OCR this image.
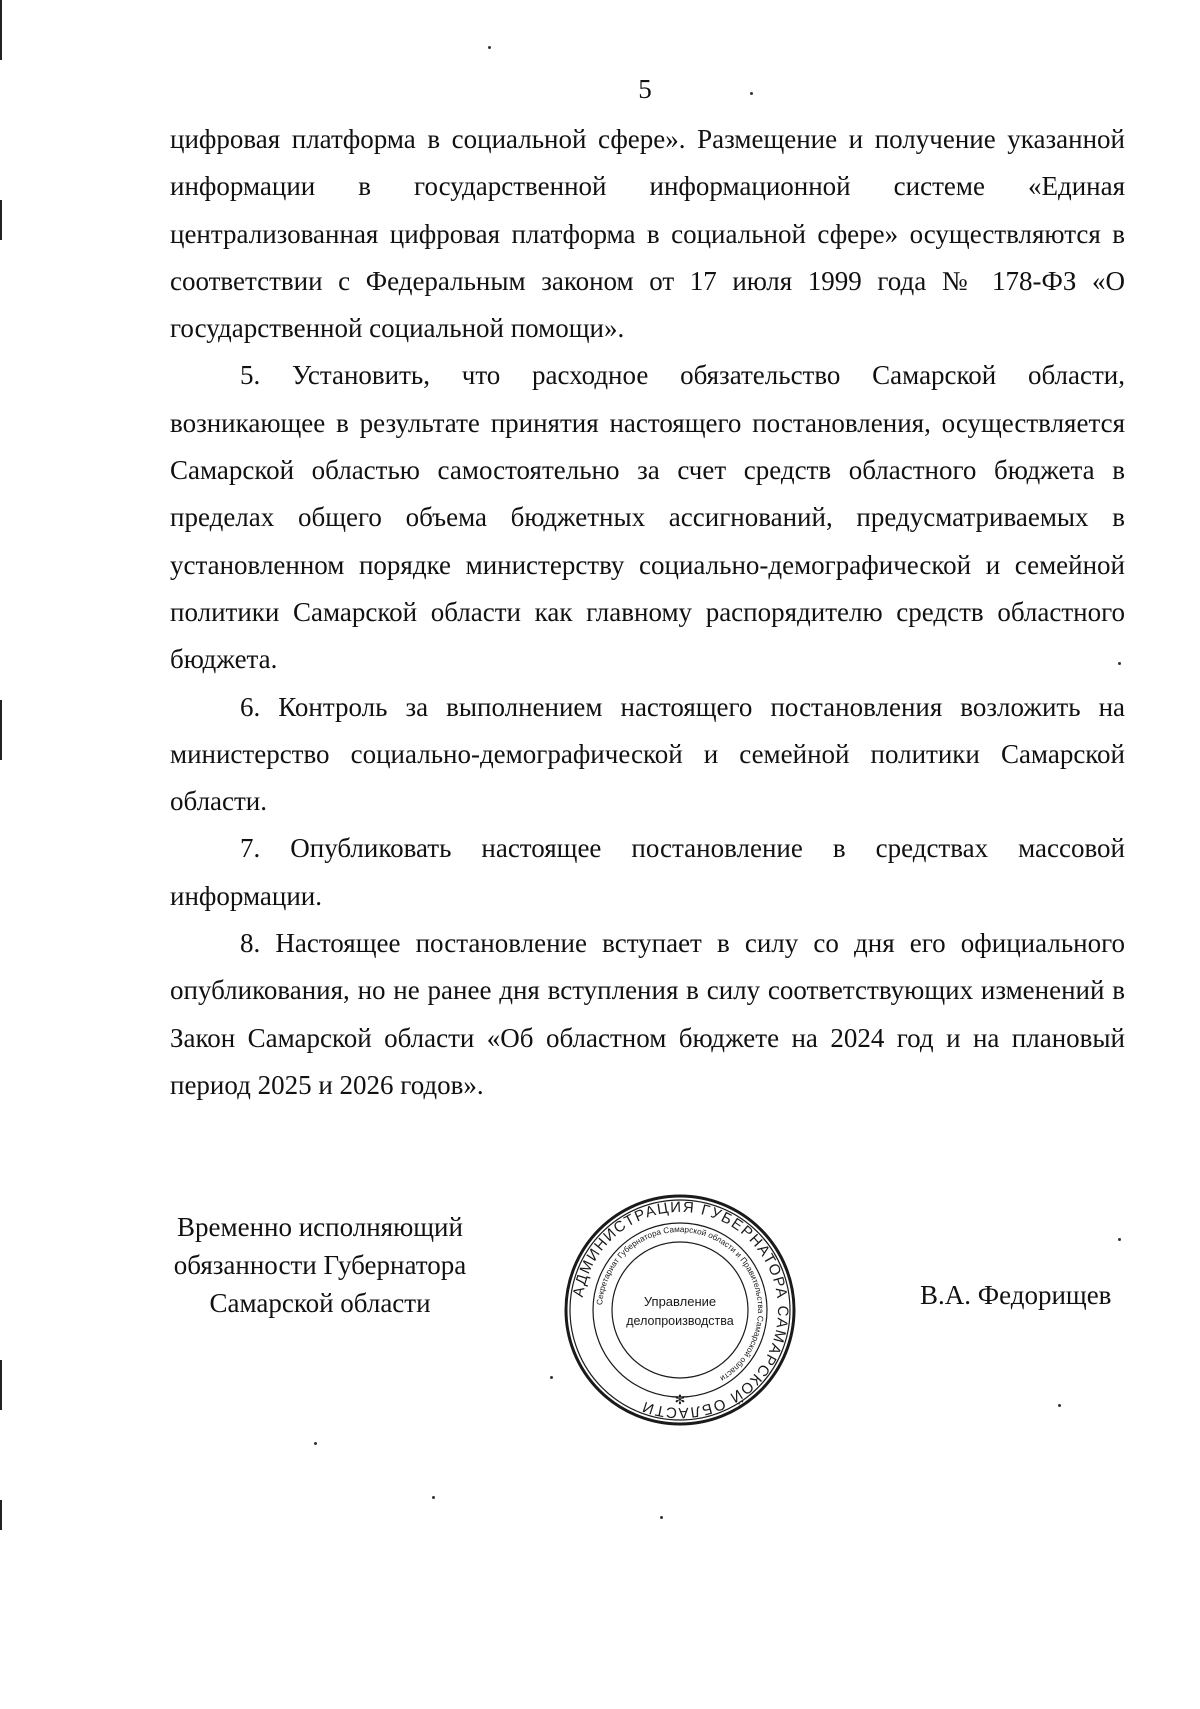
5

цифровая платформа в социальной сфере». Размещение и получение указанной информации в государственной информационной системе «Единая централизованная цифровая платформа в социальной сфере» осуществляются в соответствии с Федеральным законом от 17 июля 1999 года № 178-ФЗ «О государственной социальной помощи».

5. Установить, что расходное обязательство Самарской области, возникающее в результате принятия настоящего постановления, осуществляется Самарской областью самостоятельно за счет средств областного бюджета в пределах общего объема бюджетных ассигнований, предусматриваемых в установленном порядке министерству социально-демографической и семейной политики Самарской области как главному распорядителю средств областного бюджета.

6. Контроль за выполнением настоящего постановления возложить на министерство социально-демографической и семейной политики Самарской области.

7. Опубликовать настоящее постановление в средствах массовой информации.

8. Настоящее постановление вступает в силу со дня его официального опубликования, но не ранее дня вступления в силу соответствующих изменений в Закон Самарской области «Об областном бюджете на 2024 год и на плановый период 2025 и 2026 годов».

Временно исполняющий
обязанности Губернатора
Самарской области	АДМИНИСТРАЦИЯ ГУБЕРНАТОРА САМАРСКОЙ ОБЛАСТИ
Секретариат Губернатора Самарской области и Правительства Самарской области
Управление
делопроизводства
✻
В.А. Федорищев
